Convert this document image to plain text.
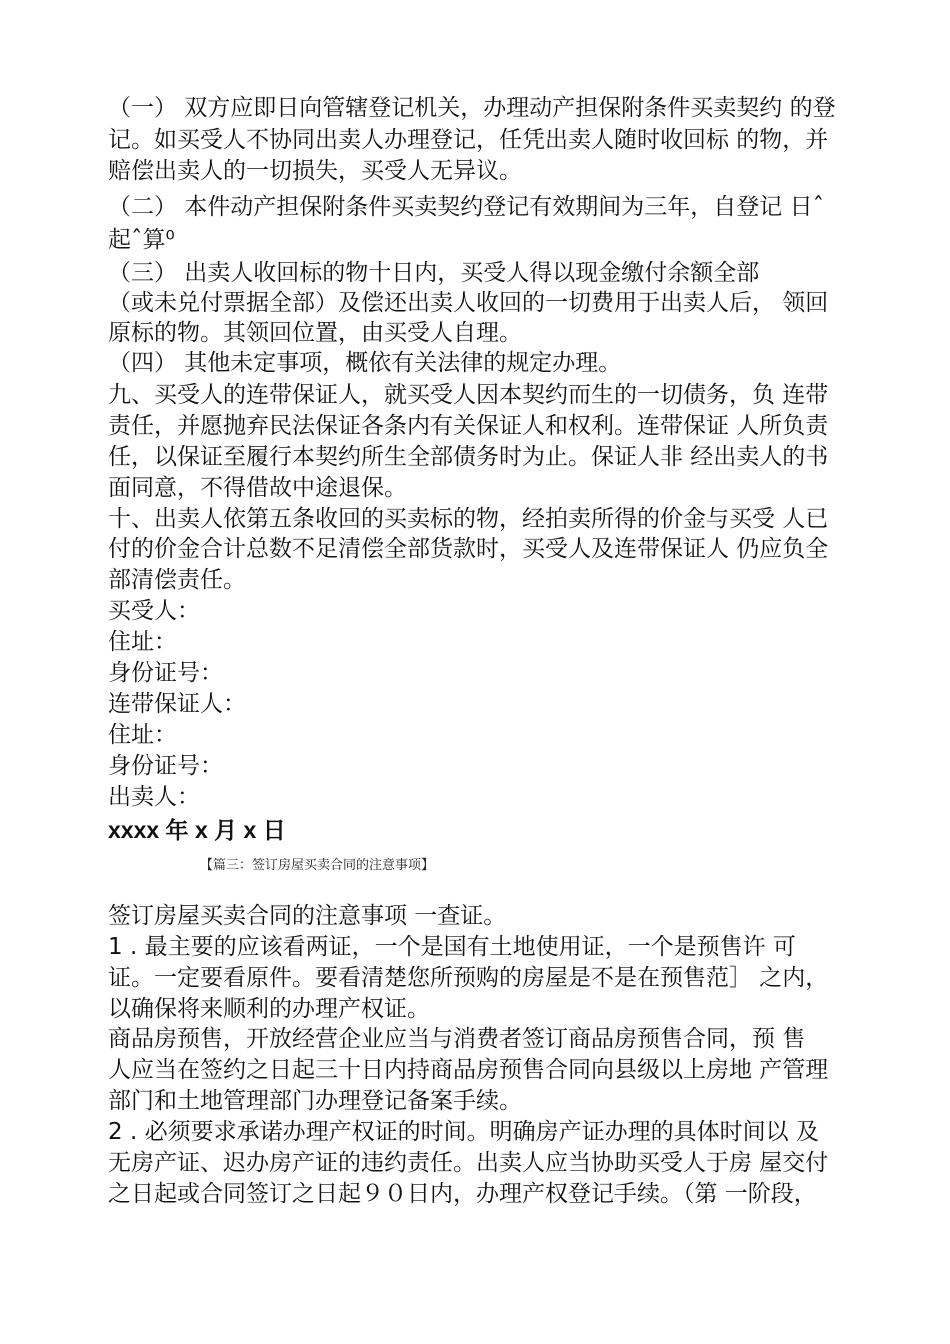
（一） 双方应即日向管辖登记机关，办理动产担保附条件买卖契约 的登
记。如买受人不协同出卖人办理登记，任凭出卖人随时收回标 的物，并
赔偿出卖人的一切损失，买受人无异议。
（二） 本件动产担保附条件买卖契约登记有效期间为三年，自登记 日ˆ
起ˆ算⁰
（三） 出卖人收回标的物十日内，买受人得以现金缴付余额全部
（或未兑付票据全部）及偿还出卖人收回的一切费用于出卖人后， 领回
原标的物。其领回位置，由买受人自理。
（四） 其他未定事项，概依有关法律的规定办理。
九、买受人的连带保证人，就买受人因本契约而生的一切债务，负 连带
责任，并愿抛弃民法保证各条内有关保证人和权利。连带保证 人所负责
任，以保证至履行本契约所生全部债务时为止。保证人非 经出卖人的书
面同意，不得借故中途退保。
十、出卖人依第五条收回的买卖标的物，经拍卖所得的价金与买受 人已
付的价金合计总数不足清偿全部货款时，买受人及连带保证人 仍应负全
部清偿责任。
买受人：
住址：
身份证号：
连带保证人：
住址：
身份证号：
出卖人：
xxxx 年 x 月 x 日
【篇三：签订房屋买卖合同的注意事项】
签订房屋买卖合同的注意事项 一查证。
1 . 最主要的应该看两证，一个是国有土地使用证，一个是预售许 可
证。一定要看原件。要看清楚您所预购的房屋是不是在预售范］ 之内，
以确保将来顺利的办理产权证。
商品房预售，开放经营企业应当与消费者签订商品房预售合同，预 售
人应当在签约之日起三十日内持商品房预售合同向县级以上房地 产管理
部门和土地管理部门办理登记备案手续。
2 . 必须要求承诺办理产权证的时间。明确房产证办理的具体时间以 及
无房产证、迟办房产证的违约责任。出卖人应当协助买受人于房 屋交付
之日起或合同签订之日起９０日内，办理产权登记手续。（第 一阶段，
